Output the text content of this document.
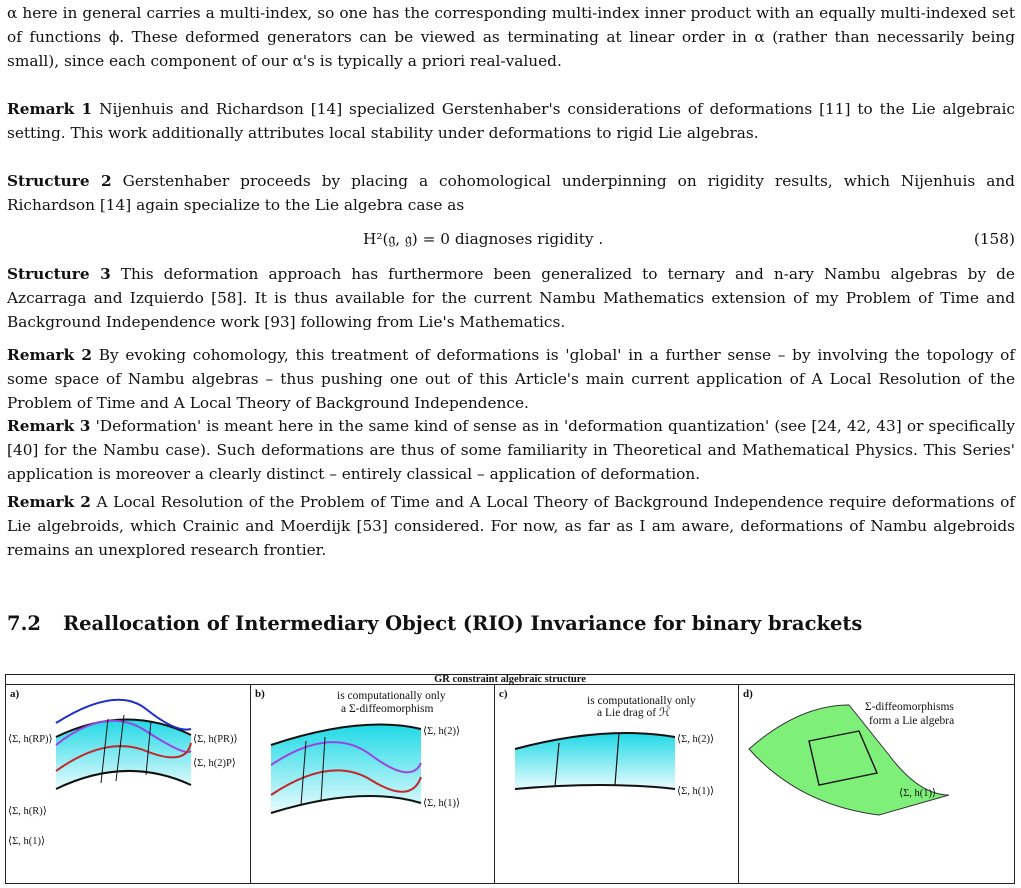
α here in general carries a multi-index, so one has the corresponding multi-index inner product with an equally multi-indexed set of functions ϕ. These deformed generators can be viewed as terminating at linear order in α (rather than necessarily being small), since each component of our α's is typically a priori real-valued.

Remark 1 Nijenhuis and Richardson [14] specialized Gerstenhaber's considerations of deformations [11] to the Lie algebraic setting. This work additionally attributes local stability under deformations to rigid Lie algebras.

Structure 2 Gerstenhaber proceeds by placing a cohomological underpinning on rigidity results, which Nijenhuis and Richardson [14] again specialize to the Lie algebra case as

H²(𝔤, 𝔤) = 0 diagnoses rigidity .	(158)

Structure 3 This deformation approach has furthermore been generalized to ternary and n-ary Nambu algebras by de Azcarraga and Izquierdo [58]. It is thus available for the current Nambu Mathematics extension of my Problem of Time and Background Independence work [93] following from Lie's Mathematics.

Remark 2 By evoking cohomology, this treatment of deformations is 'global' in a further sense – by involving the topology of some space of Nambu algebras – thus pushing one out of this Article's main current application of A Local Resolution of the Problem of Time and A Local Theory of Background Independence.

Remark 3 'Deformation' is meant here in the same kind of sense as in 'deformation quantization' (see [24, 42, 43] or specifically [40] for the Nambu case). Such deformations are thus of some familiarity in Theoretical and Mathematical Physics. This Series' application is moreover a clearly distinct – entirely classical – application of deformation.

Remark 2 A Local Resolution of the Problem of Time and A Local Theory of Background Independence require deformations of Lie algebroids, which Crainic and Moerdijk [53] considered. For now, as far as I am aware, deformations of Nambu algebroids remains an unexplored research frontier.

7.2 Reallocation of Intermediary Object (RIO) Invariance for binary brackets
GR constraint algebraic structure
a)
⟨Σ, h(RP)⟩	⟨Σ, h(PR)⟩
⟨Σ, h(2)P⟩
⟨Σ, h(R)⟩
⟨Σ, h(1)⟩
b)	is computationally only
a Σ-diffeomorphism
⟨Σ, h(2)⟩
⟨Σ, h(1)⟩
c)
is computationally only
a Lie drag of ℋ
⟨Σ, h(2)⟩
⟨Σ, h(1)⟩
d)
Σ-diffeomorphisms
form a Lie algebra
⟨Σ, h(1)⟩
